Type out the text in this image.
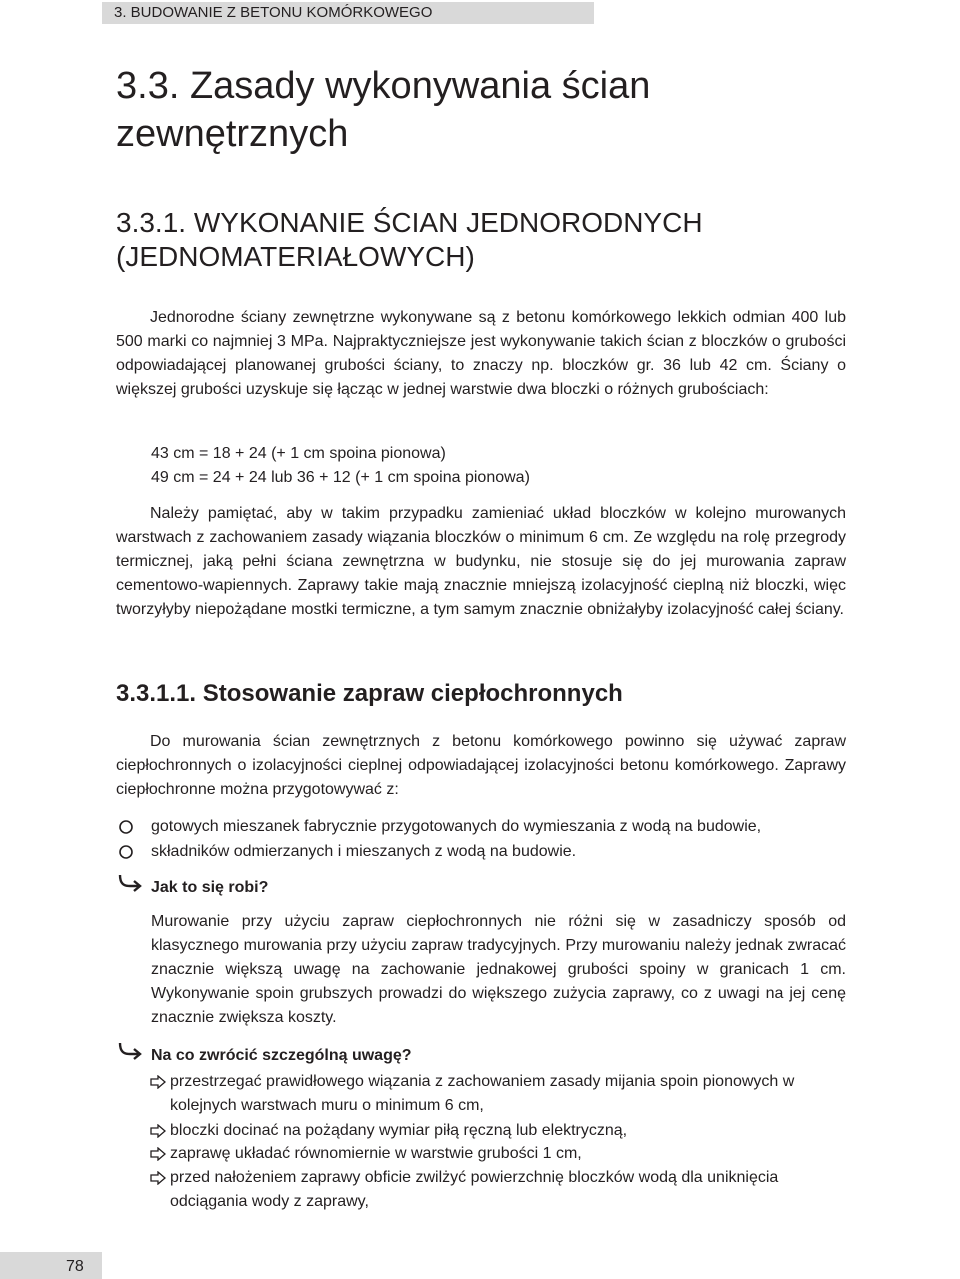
3. BUDOWANIE Z BETONU KOMÓRKOWEGO
3.3. Zasady wykonywania ścian
zewnętrznych
3.3.1. WYKONANIE ŚCIAN JEDNORODNYCH
(JEDNOMATERIAŁOWYCH)

Jednorodne ściany zewnętrzne wykonywane są z betonu komórkowego lekkich odmian 400 lub 500 marki co najmniej 3 MPa. Najpraktyczniejsze jest wykonywanie takich ścian z bloczków o grubości odpowiadającej planowanej grubości ściany, to znaczy np. bloczków gr. 36 lub 42 cm. Ściany o większej grubości uzyskuje się łącząc w jednej warstwie dwa bloczki o różnych grubościach:

43 cm = 18 + 24 (+ 1 cm spoina pionowa)
49 cm = 24 + 24 lub 36 + 12 (+ 1 cm spoina pionowa)

Należy pamiętać, aby w takim przypadku zamieniać układ bloczków w kolejno murowanych warstwach z zachowaniem zasady wiązania bloczków o minimum 6 cm. Ze względu na rolę przegrody termicznej, jaką pełni ściana zewnętrzna w budynku, nie stosuje się do jej murowania zapraw cementowo-wapiennych. Zaprawy takie mają znacznie mniejszą izolacyjność cieplną niż bloczki, więc tworzyłyby niepożądane mostki termiczne, a tym samym znacznie obniżałyby izolacyjność całej ściany.

3.3.1.1. Stosowanie zapraw ciepłochronnych

Do murowania ścian zewnętrznych z betonu komórkowego powinno się używać zapraw ciepłochronnych o izolacyjności cieplnej odpowiadającej izolacyjności betonu komórkowego. Zaprawy ciepłochronne można przygotowywać z:

gotowych mieszanek fabrycznie przygotowanych do wymieszania z wodą na budowie,
składników odmierzanych i mieszanych z wodą na budowie.
Jak to się robi?

Murowanie przy użyciu zapraw ciepłochronnych nie różni się w zasadniczy sposób od klasycznego murowania przy użyciu zapraw tradycyjnych. Przy murowaniu należy jednak zwracać znacznie większą uwagę na zachowanie jednakowej grubości spoiny w granicach 1 cm. Wykonywanie spoin grubszych prowadzi do większego zużycia zaprawy, co z uwagi na jej cenę znacznie zwiększa koszty.

Na co zwrócić szczególną uwagę?
przestrzegać prawidłowego wiązania z zachowaniem zasady mijania spoin pionowych w kolejnych warstwach muru o minimum 6 cm,
bloczki docinać na pożądany wymiar piłą ręczną lub elektryczną,
zaprawę układać równomiernie w warstwie grubości 1 cm,
przed nałożeniem zaprawy obficie zwilżyć powierzchnię bloczków wodą dla uniknięcia odciągania wody z zaprawy,
78
